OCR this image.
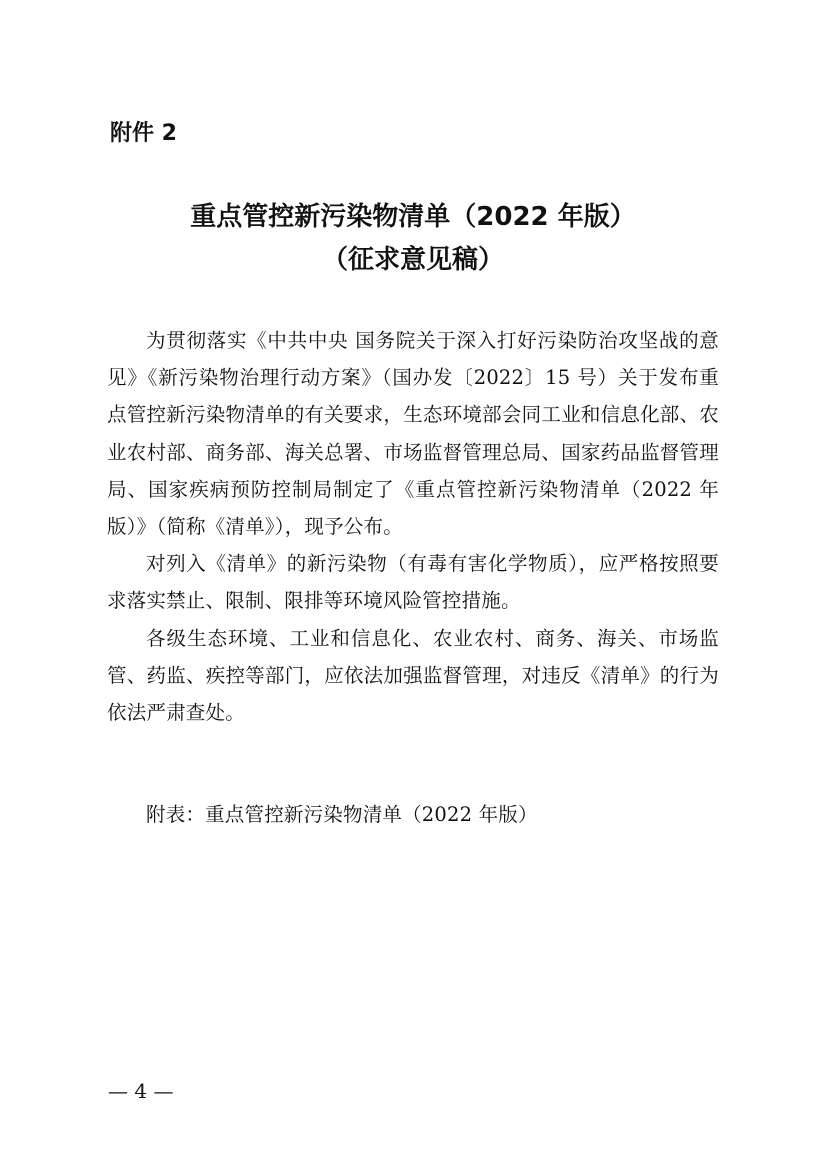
附件 2
重点管控新污染物清单（2022 年版）
（征求意见稿）

为贯彻落实《中共中央 国务院关于深入打好污染防治攻坚战的意见》《新污染物治理行动方案》（国办发〔2022〕15 号）关于发布重点管控新污染物清单的有关要求，生态环境部会同工业和信息化部、农业农村部、商务部、海关总署、市场监督管理总局、国家药品监督管理局、国家疾病预防控制局制定了《重点管控新污染物清单（2022 年版）》（简称《清单》），现予公布。

对列入《清单》的新污染物（有毒有害化学物质），应严格按照要求落实禁止、限制、限排等环境风险管控措施。

各级生态环境、工业和信息化、农业农村、商务、海关、市场监管、药监、疾控等部门，应依法加强监督管理，对违反《清单》的行为依法严肃查处。

附表：重点管控新污染物清单（2022 年版）
— 4 —
